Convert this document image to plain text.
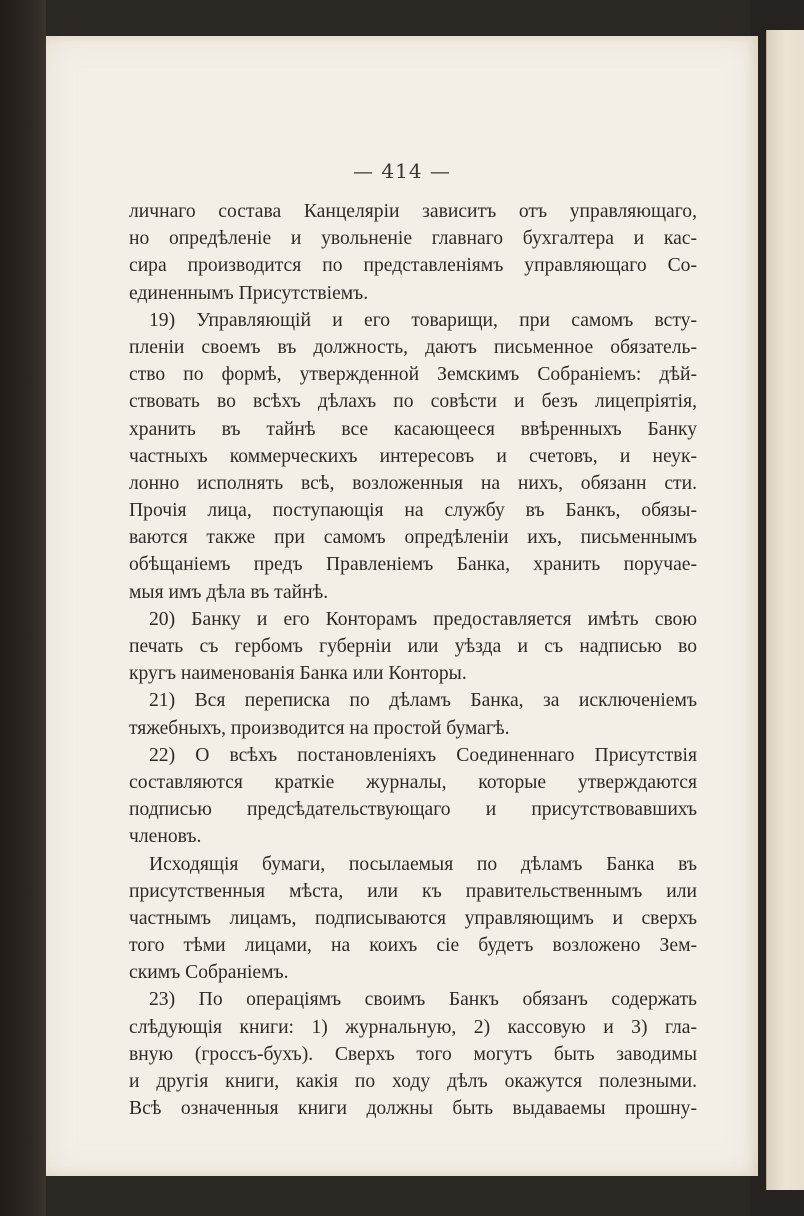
— 414 —
личнаго состава Канцеляріи зависитъ отъ управляющаго,
но опредѣленіе и увольненіе главнаго бухгалтера и кас-
сира производится по представленіямъ управляющаго Со-
единеннымъ Присутствіемъ.
19) Управляющій и его товарищи, при самомъ всту-
пленіи своемъ въ должность, даютъ письменное обязатель-
ство по формѣ, утвержденной Земскимъ Собраніемъ: дѣй-
ствовать во всѣхъ дѣлахъ по совѣсти и безъ лицепріятія,
хранить въ тайнѣ все касающееся ввѣренныхъ Банку
частныхъ коммерческихъ интересовъ и счетовъ, и неук-
лонно исполнять всѣ, возложенныя на нихъ, обязанн сти.
Прочія лица, поступающія на службу въ Банкъ, обязы-
ваются также при самомъ опредѣленіи ихъ, письменнымъ
обѣщаніемъ предъ Правленіемъ Банка, хранить поручае-
мыя имъ дѣла въ тайнѣ.
20) Банку и его Конторамъ предоставляется имѣть свою
печать съ гербомъ губерніи или уѣзда и съ надписью во
кругъ наименованія Банка или Конторы.
21) Вся переписка по дѣламъ Банка, за исключеніемъ
тяжебныхъ, производится на простой бумагѣ.
22) О всѣхъ постановленіяхъ Соединеннаго Присутствія
составляются краткіе журналы, которые утверждаются
подписью предсѣдательствующаго и присутствовавшихъ
членовъ.
Исходящія бумаги, посылаемыя по дѣламъ Банка въ
присутственныя мѣста, или къ правительственнымъ или
частнымъ лицамъ, подписываются управляющимъ и сверхъ
того тѣми лицами, на коихъ сіе будетъ возложено Зем-
скимъ Собраніемъ.
23) По операціямъ своимъ Банкъ обязанъ содержать
слѣдующія книги: 1) журнальную, 2) кассовую и 3) гла-
вную (гроссъ-бухъ). Сверхъ того могутъ быть заводимы
и другія книги, какія по ходу дѣлъ окажутся полезными.
Всѣ означенныя книги должны быть выдаваемы прошну-
